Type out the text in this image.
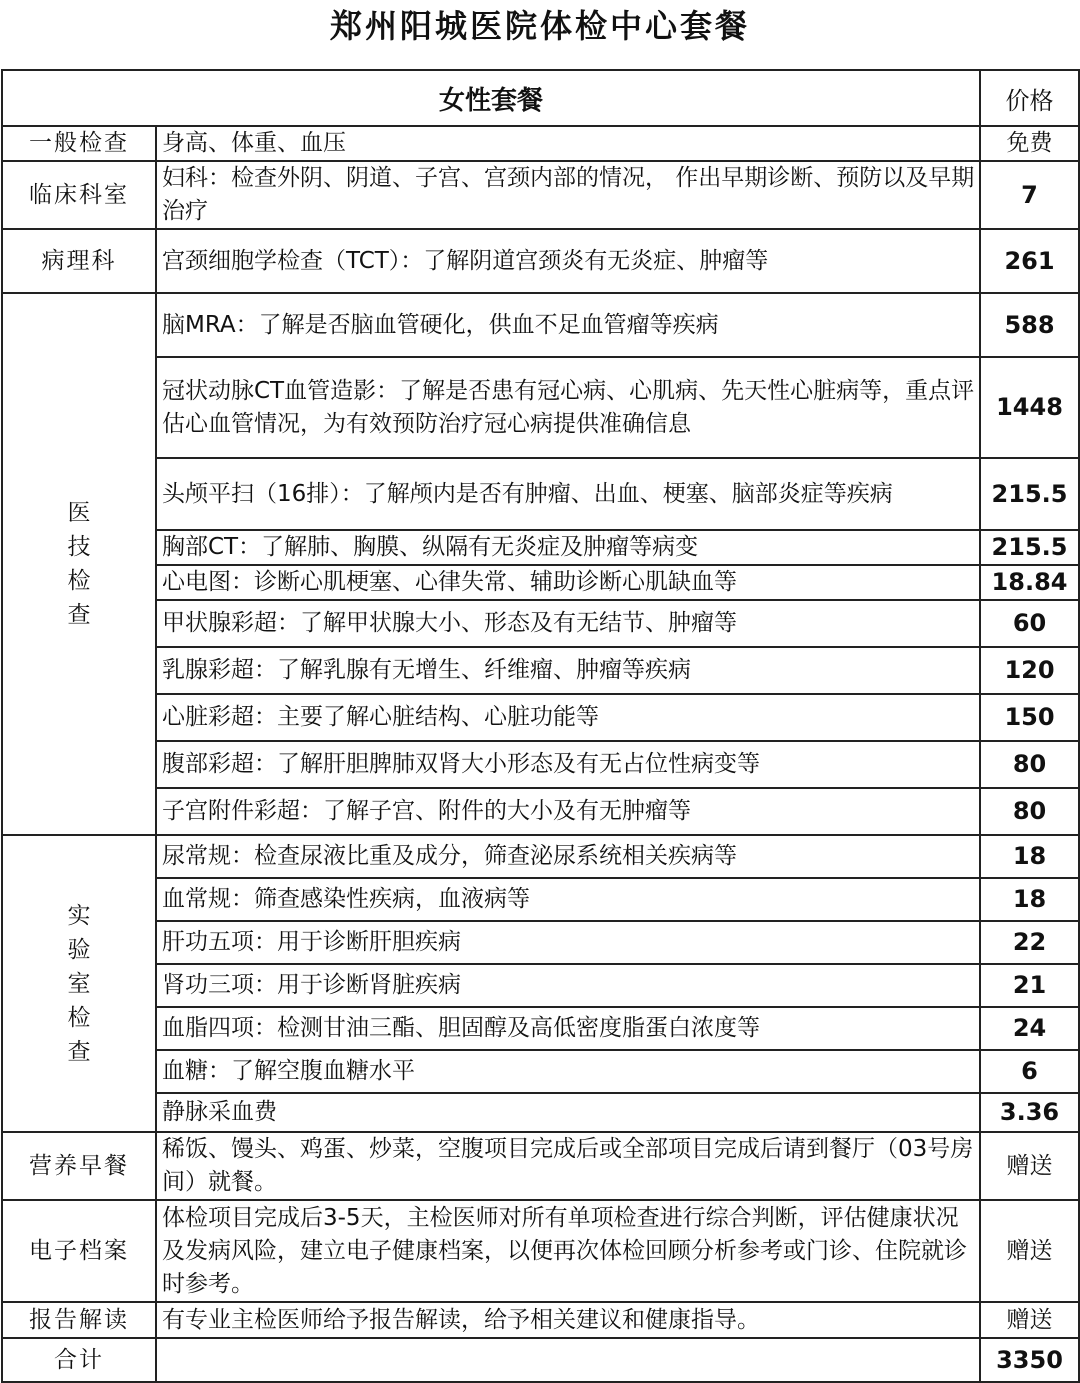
郑州阳城医院体检中心套餐
女性套餐		价格
一般检查	身高、体重、血压	免费
临床科室	妇科：检查外阴、阴道、子宫、宫颈内部的情况， 作出早期诊断、预防以及早期治疗	7
病理科	宫颈细胞学检查（TCT）：了解阴道宫颈炎有无炎症、肿瘤等	261
医技检查	脑MRA：了解是否脑血管硬化，供血不足血管瘤等疾病	588
	冠状动脉CT血管造影：了解是否患有冠心病、心肌病、先天性心脏病等，重点评估心血管情况，为有效预防治疗冠心病提供准确信息	1448
	头颅平扫（16排）：了解颅内是否有肿瘤、出血、梗塞、脑部炎症等疾病	215.5
	胸部CT：了解肺、胸膜、纵隔有无炎症及肿瘤等病变	215.5
	心电图：诊断心肌梗塞、心律失常、辅助诊断心肌缺血等	18.84
	甲状腺彩超：了解甲状腺大小、形态及有无结节、肿瘤等	60
	乳腺彩超：了解乳腺有无增生、纤维瘤、肿瘤等疾病	120
	心脏彩超：主要了解心脏结构、心脏功能等	150
	腹部彩超：了解肝胆脾肺双肾大小形态及有无占位性病变等	80
	子宫附件彩超：了解子宫、附件的大小及有无肿瘤等	80
实验室检查	尿常规：检查尿液比重及成分，筛查泌尿系统相关疾病等	18
	血常规：筛查感染性疾病，血液病等	18
	肝功五项：用于诊断肝胆疾病	22
	肾功三项：用于诊断肾脏疾病	21
	血脂四项：检测甘油三酯、胆固醇及高低密度脂蛋白浓度等	24
	血糖：了解空腹血糖水平	6
	静脉采血费	3.36
营养早餐	稀饭、馒头、鸡蛋、炒菜，空腹项目完成后或全部项目完成后请到餐厅（03号房间）就餐。	赠送
电子档案	体检项目完成后3-5天，主检医师对所有单项检查进行综合判断，评估健康状况及发病风险，建立电子健康档案，以便再次体检回顾分析参考或门诊、住院就诊时参考。	赠送
报告解读	有专业主检医师给予报告解读，给予相关建议和健康指导。	赠送
合计		3350
